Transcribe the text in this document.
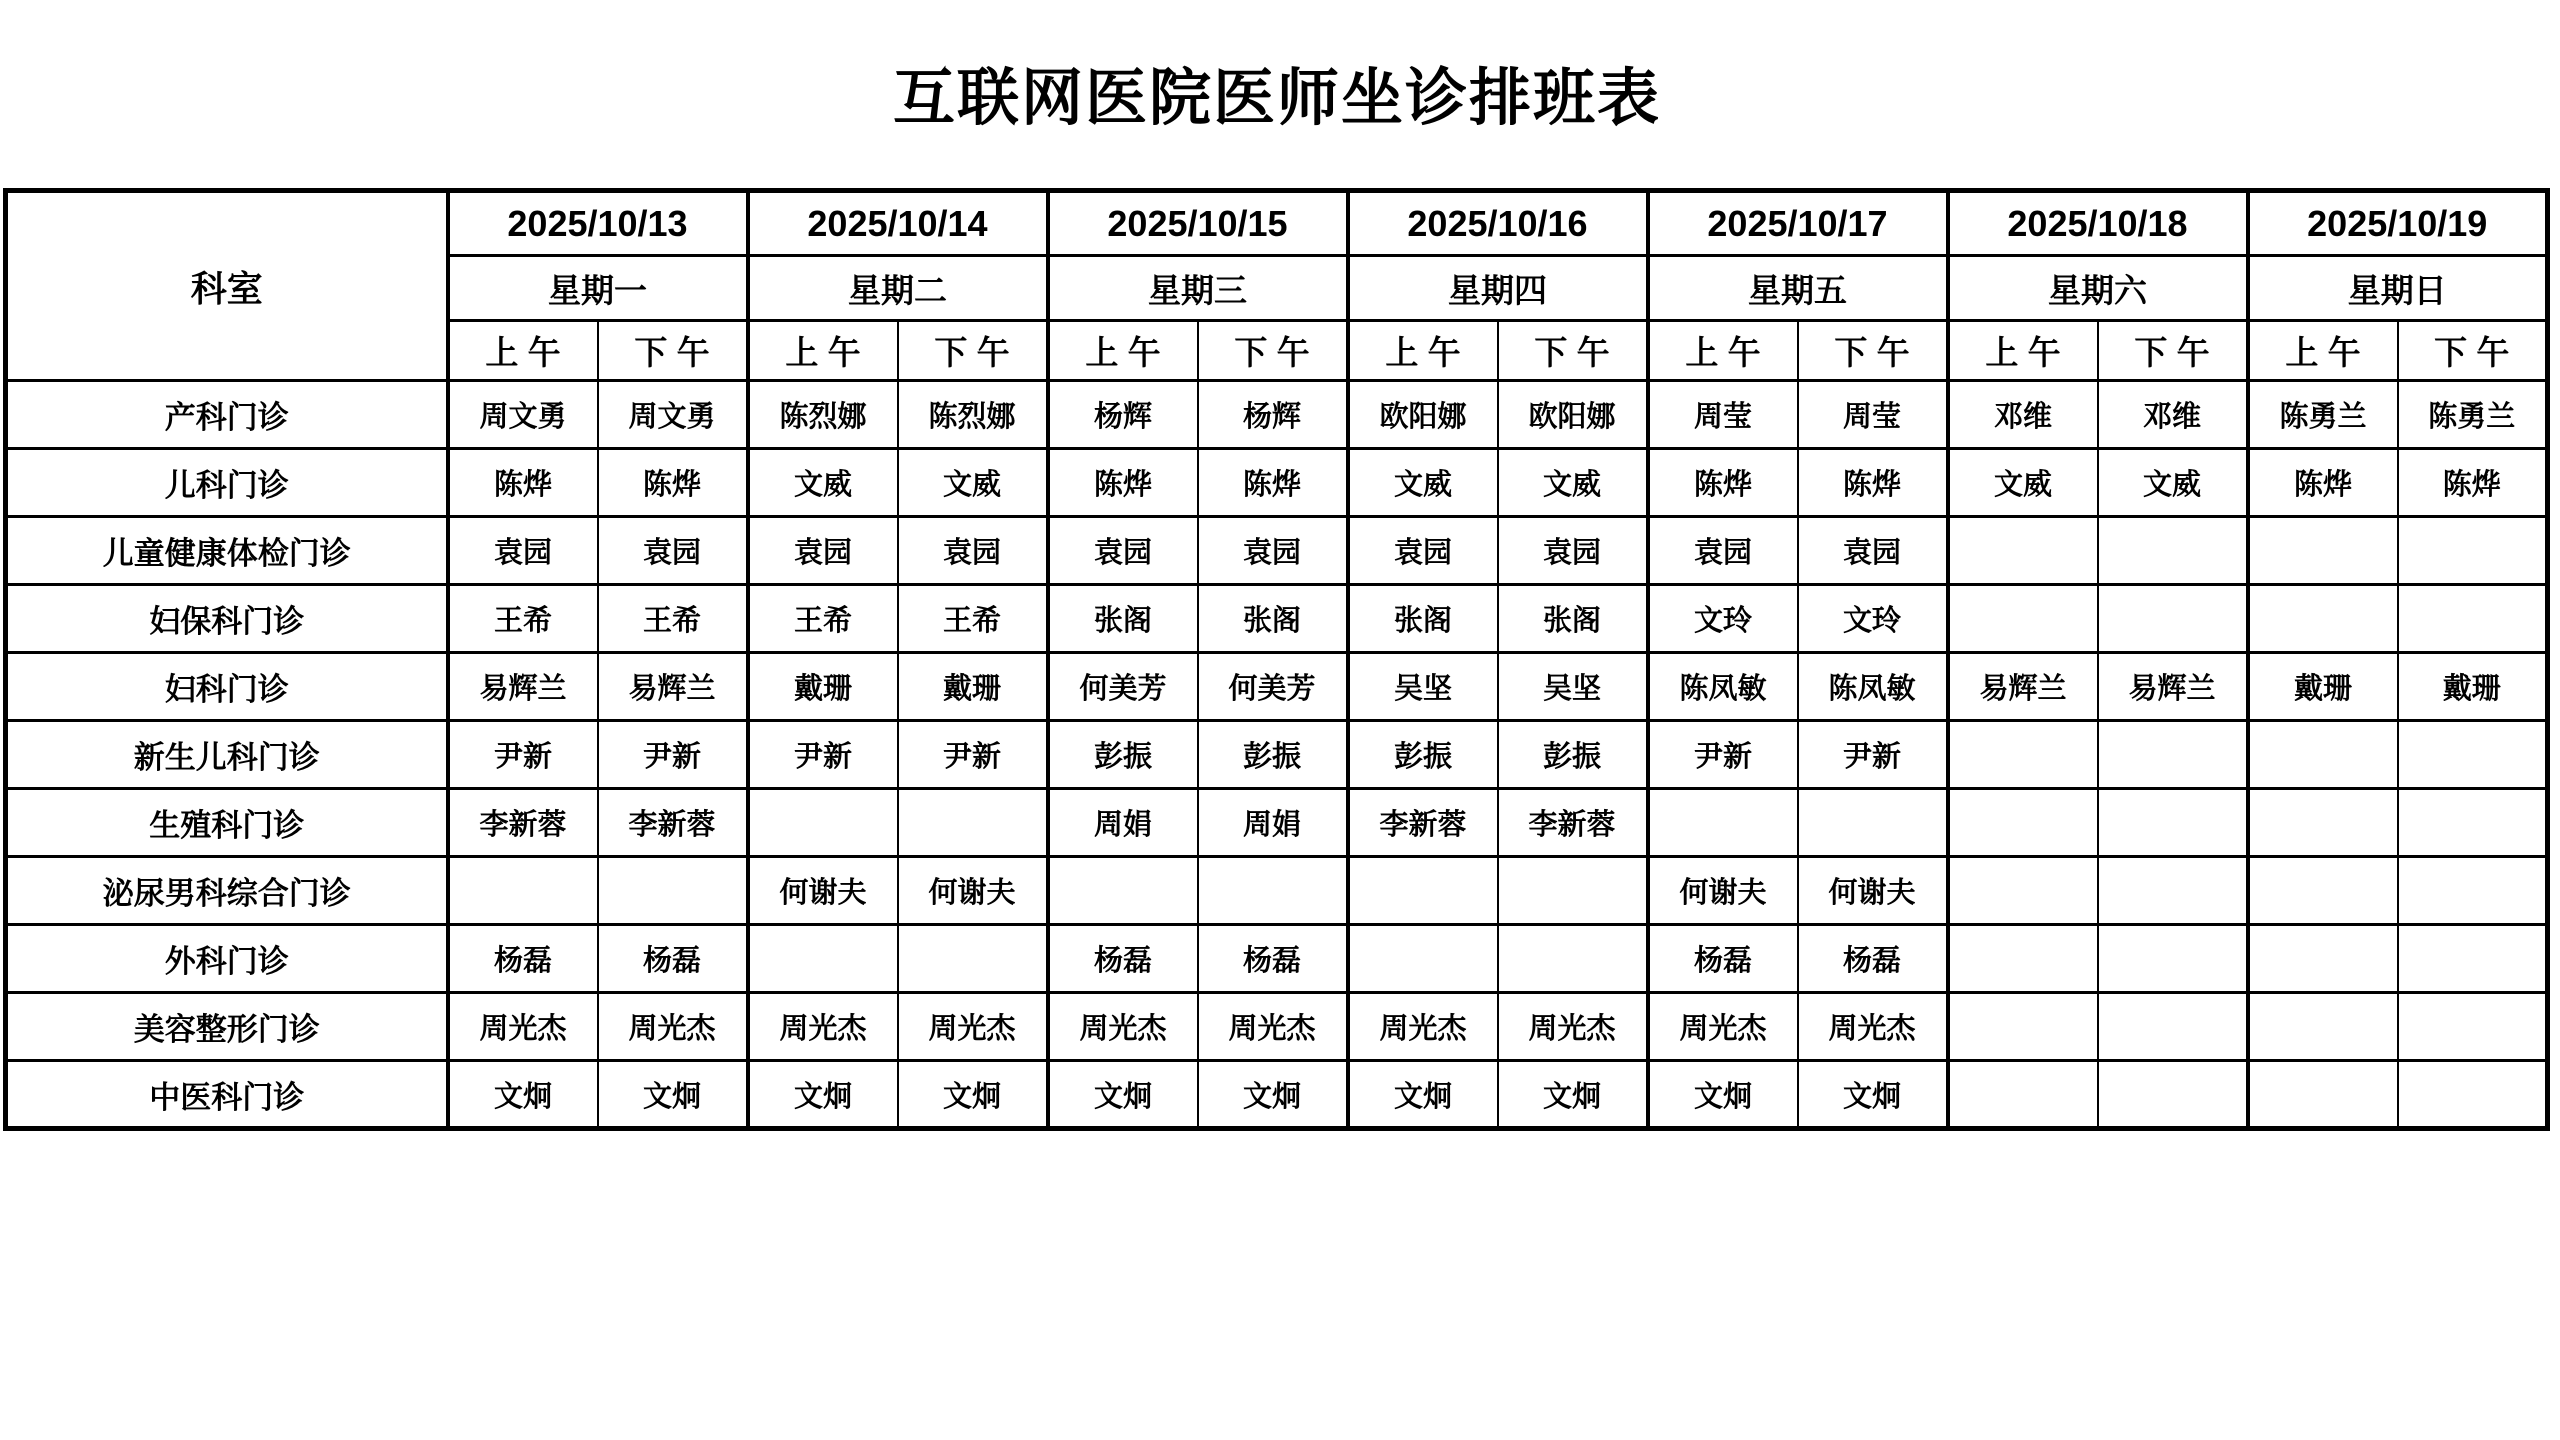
互联网医院医师坐诊排班表
科室	2025/10/13		2025/10/14		2025/10/15		2025/10/16		2025/10/17		2025/10/18		2025/10/19	
	星期一		星期二		星期三		星期四		星期五		星期六		星期日	
	上 午	下 午	上 午	下 午	上 午	下 午	上 午	下 午	上 午	下 午	上 午	下 午	上 午	下 午
产科门诊	周文勇	周文勇	陈烈娜	陈烈娜	杨辉	杨辉	欧阳娜	欧阳娜	周莹	周莹	邓维	邓维	陈勇兰	陈勇兰
儿科门诊	陈烨	陈烨	文威	文威	陈烨	陈烨	文威	文威	陈烨	陈烨	文威	文威	陈烨	陈烨
儿童健康体检门诊	袁园	袁园	袁园	袁园	袁园	袁园	袁园	袁园	袁园	袁园				
妇保科门诊	王希	王希	王希	王希	张阁	张阁	张阁	张阁	文玲	文玲				
妇科门诊	易辉兰	易辉兰	戴珊	戴珊	何美芳	何美芳	吴坚	吴坚	陈凤敏	陈凤敏	易辉兰	易辉兰	戴珊	戴珊
新生儿科门诊	尹新	尹新	尹新	尹新	彭振	彭振	彭振	彭振	尹新	尹新				
生殖科门诊	李新蓉	李新蓉			周娟	周娟	李新蓉	李新蓉						
泌尿男科综合门诊			何谢夫	何谢夫					何谢夫	何谢夫				
外科门诊	杨磊	杨磊			杨磊	杨磊			杨磊	杨磊				
美容整形门诊	周光杰	周光杰	周光杰	周光杰	周光杰	周光杰	周光杰	周光杰	周光杰	周光杰				
中医科门诊	文炯	文炯	文炯	文炯	文炯	文炯	文炯	文炯	文炯	文炯				
